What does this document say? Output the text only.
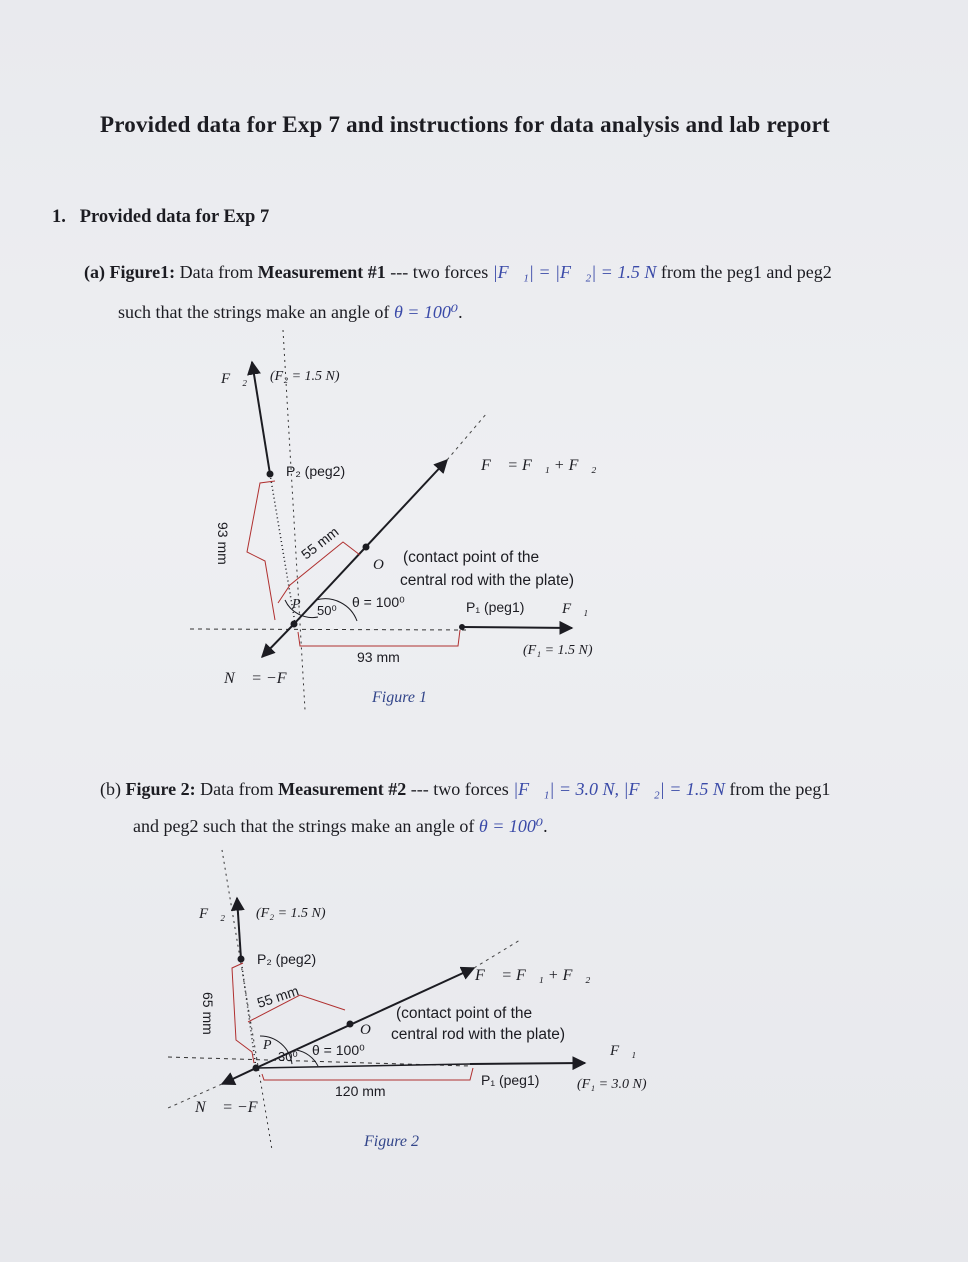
Provided data for Exp 7 and instructions for data analysis and lab report
1. Provided data for Exp 7
(a) Figure1: Data from Measurement #1 --- two forces |F⃗₁| = |F⃗₂| = 1.5 N from the peg1 and peg2
such that the strings make an angle of θ = 100⁰.
(b) Figure 2: Data from Measurement #2 --- two forces |F⃗₁| = 3.0 N, |F⃗₂| = 1.5 N from the peg1
and peg2 such that the strings make an angle of θ = 100⁰.
F⃗₂ (F₂ = 1.5 N)
P₂ (peg2)	F⃗ = F⃗₁ + F⃗₂
93 mm	55 mm
O (contact point of the
central rod with the plate)
P 50⁰
θ = 100⁰	P₁ (peg1)	F⃗₁
93 mm	(F₁ = 1.5 N)
N⃗ = −F⃗
Figure 1
F⃗₂ (F₂ = 1.5 N)
P₂ (peg2)
F⃗ = F⃗₁ + F⃗₂
65 mm	55 mm
O
(contact point of the
central rod with the plate)
P
30⁰ θ = 100⁰	F⃗₁
P₁ (peg1)	(F₁ = 3.0 N)
120 mm
N⃗ = −F⃗
Figure 2
